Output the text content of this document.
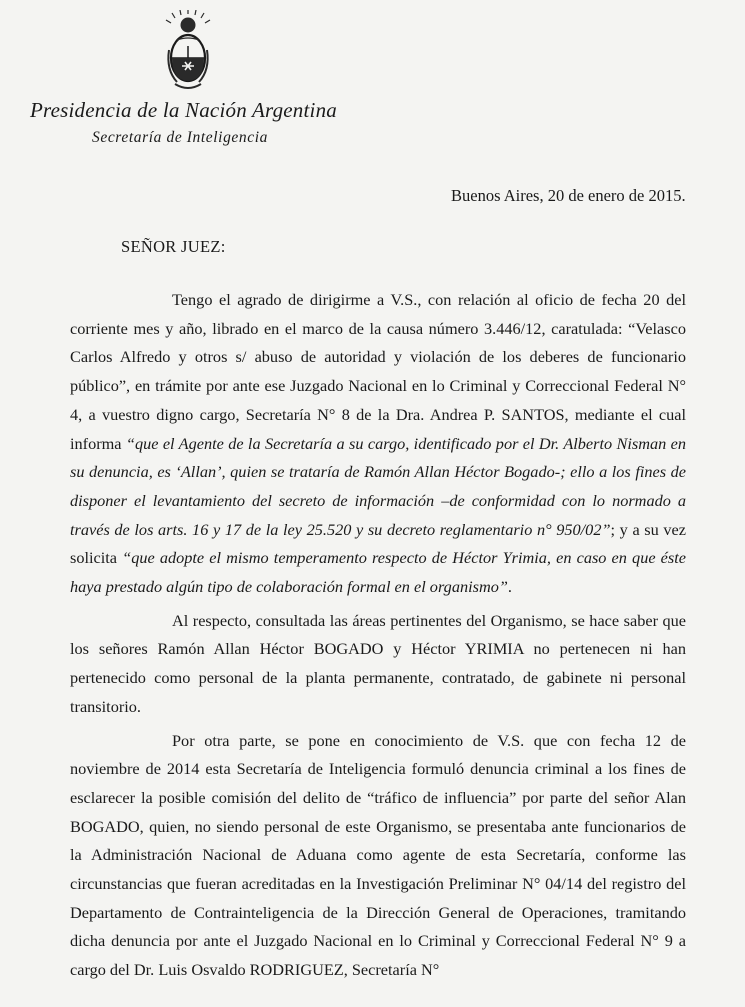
Presidencia de la Nación Argentina
Secretaría de Inteligencia
Buenos Aires, 20 de enero de 2015.
SEÑOR JUEZ:

Tengo el agrado de dirigirme a V.S., con relación al oficio de fecha 20 del corriente mes y año, librado en el marco de la causa número 3.446/12, caratulada: “Velasco Carlos Alfredo y otros s/ abuso de autoridad y violación de los deberes de funcionario público”, en trámite por ante ese Juzgado Nacional en lo Criminal y Correccional Federal N° 4, a vuestro digno cargo, Secretaría N° 8 de la Dra. Andrea P. SANTOS, mediante el cual informa “que el Agente de la Secretaría a su cargo, identificado por el Dr. Alberto Nisman en su denuncia, es ‘Allan’, quien se trataría de Ramón Allan Héctor Bogado-; ello a los fines de disponer el levantamiento del secreto de información –de conformidad con lo normado a través de los arts. 16 y 17 de la ley 25.520 y su decreto reglamentario n° 950/02”; y a su vez solicita “que adopte el mismo temperamento respecto de Héctor Yrimia, en caso en que éste haya prestado algún tipo de colaboración formal en el organismo”.

Al respecto, consultada las áreas pertinentes del Organismo, se hace saber que los señores Ramón Allan Héctor BOGADO y Héctor YRIMIA no pertenecen ni han pertenecido como personal de la planta permanente, contratado, de gabinete ni personal transitorio.

Por otra parte, se pone en conocimiento de V.S. que con fecha 12 de noviembre de 2014 esta Secretaría de Inteligencia formuló denuncia criminal a los fines de esclarecer la posible comisión del delito de “tráfico de influencia” por parte del señor Alan BOGADO, quien, no siendo personal de este Organismo, se presentaba ante funcionarios de la Administración Nacional de Aduana como agente de esta Secretaría, conforme las circunstancias que fueran acreditadas en la Investigación Preliminar N° 04/14 del registro del Departamento de Contrainteligencia de la Dirección General de Operaciones, tramitando dicha denuncia por ante el Juzgado Nacional en lo Criminal y Correccional Federal N° 9 a cargo del Dr. Luis Osvaldo RODRIGUEZ, Secretaría N°
